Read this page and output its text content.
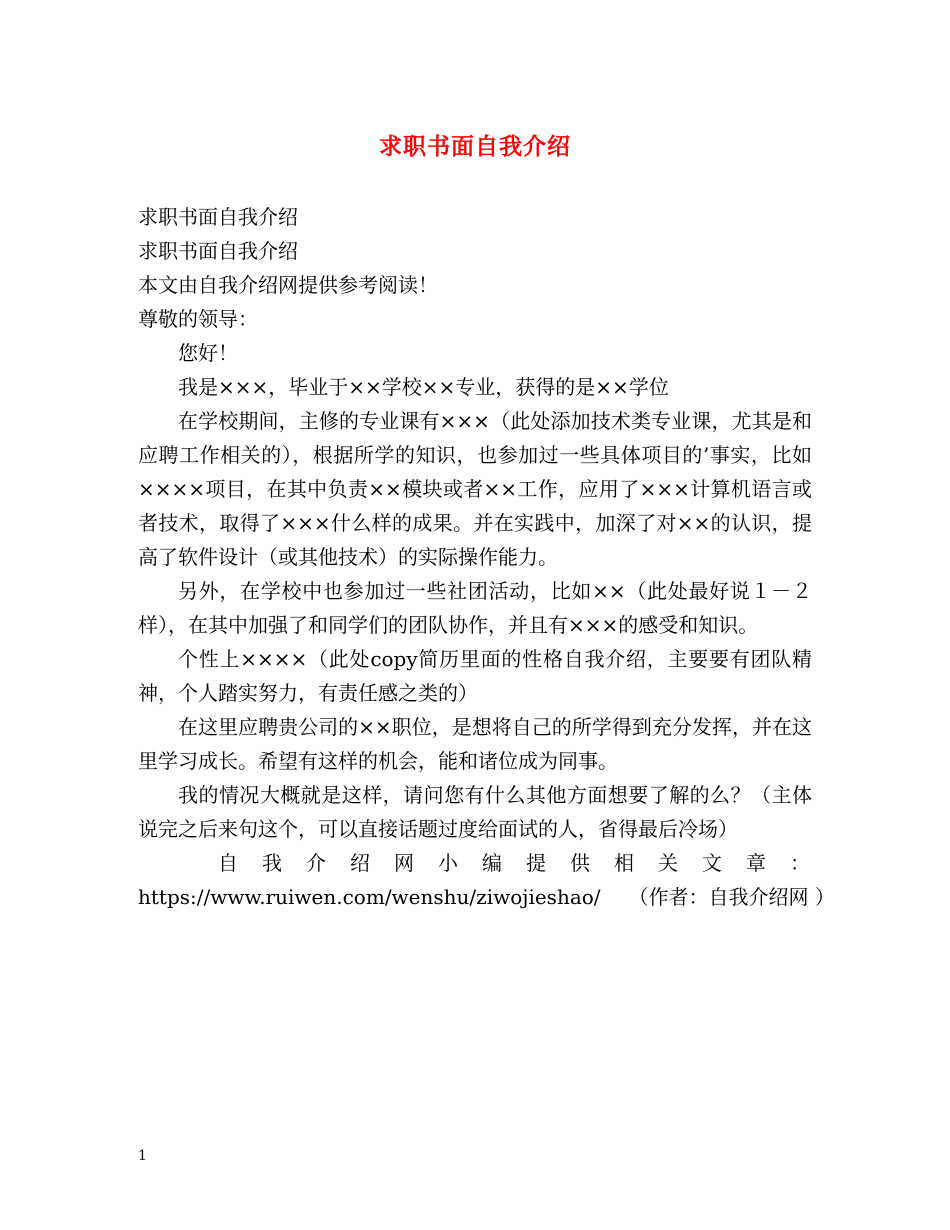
求职书面自我介绍

求职书面自我介绍

求职书面自我介绍

本文由自我介绍网提供参考阅读！

尊敬的领导：

您好！

我是×××，毕业于××学校××专业，获得的是××学位

在学校期间，主修的专业课有×××（此处添加技术类专业课，尤其是和应聘工作相关的），根据所学的知识，也参加过一些具体项目的’事实，比如××××项目，在其中负责××模块或者××工作，应用了×××计算机语言或者技术，取得了×××什么样的成果。并在实践中，加深了对××的认识，提高了软件设计（或其他技术）的实际操作能力。

另外，在学校中也参加过一些社团活动，比如××（此处最好说１－２样），在其中加强了和同学们的团队协作，并且有×××的感受和知识。

个性上××××（此处copy简历里面的性格自我介绍，主要要有团队精神，个人踏实努力，有责任感之类的）

在这里应聘贵公司的××职位，是想将自己的所学得到充分发挥，并在这里学习成长。希望有这样的机会，能和诸位成为同事。

我的情况大概就是这样，请问您有什么其他方面想要了解的么？（主体说完之后来句这个，可以直接话题过度给面试的人，省得最后冷场）

自我介绍网小编提供相关文章：

https://www.ruiwen.com/wenshu/ziwojieshao/ （作者：自我介绍网 ）

1
